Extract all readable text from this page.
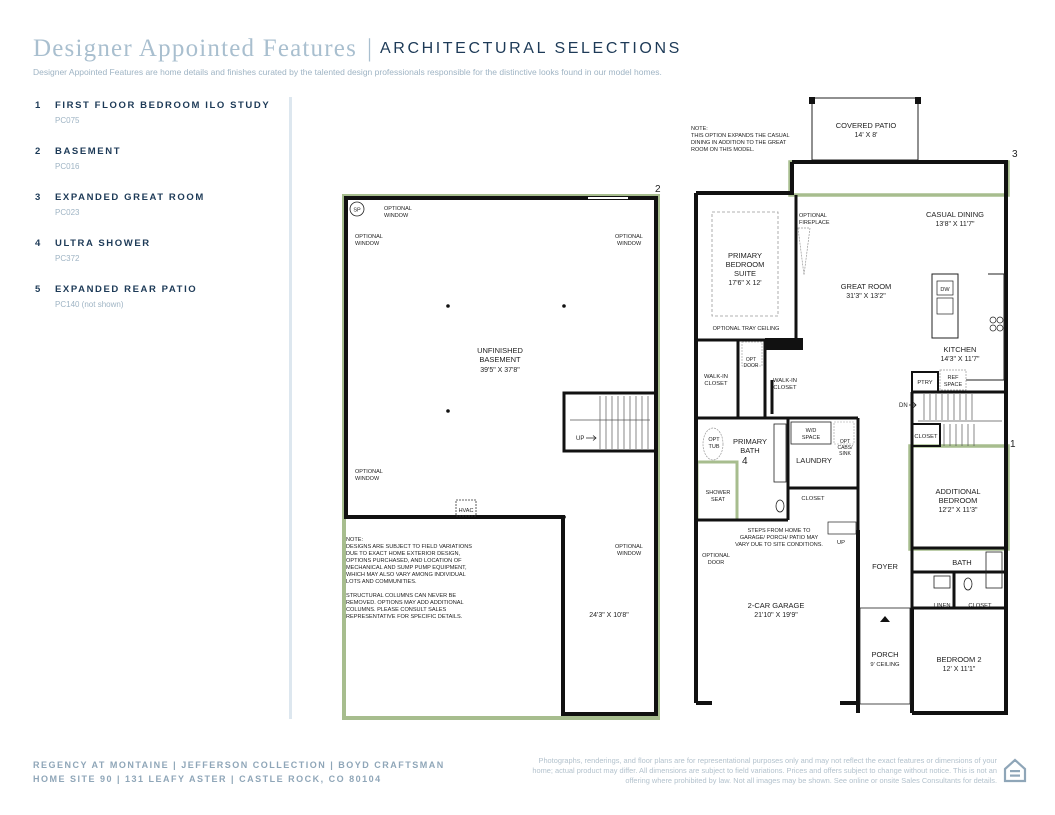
Designer Appointed Features | ARCHITECTURAL SELECTIONS
Designer Appointed Features are home details and finishes curated by the talented design professionals responsible for the distinctive looks found in our model homes.
1 FIRST FLOOR BEDROOM ILO STUDY
PC075
2 BASEMENT
PC016
3 EXPANDED GREAT ROOM
PC023
4 ULTRA SHOWER
PC372
5 EXPANDED REAR PATIO
PC140 (not shown)
SP
HVAC
UNFINISHED
BASEMENT
39'5" X 37'8"
OPTIONAL
WINDOW
OPTIONAL
WINDOW
OPTIONAL
WINDOW
OPTIONAL
WINDOW
OPTIONAL
WINDOW
UP
24'3" X 10'8"
NOTE:
DESIGNS ARE SUBJECT TO FIELD VARIATIONS
DUE TO EXACT HOME EXTERIOR DESIGN,
OPTIONS PURCHASED, AND LOCATION OF
MECHANICAL AND SUMP PUMP EQUIPMENT,
WHICH MAY ALSO VARY AMONG INDIVIDUAL
LOTS AND COMMUNITIES.
STRUCTURAL COLUMNS CAN NEVER BE
REMOVED. OPTIONS MAY ADD ADDITIONAL
COLUMNS. PLEASE CONSULT SALES
REPRESENTATIVE FOR SPECIFIC DETAILS.
2
COVERED PATIO
14' X 8'
NOTE:
THIS OPTION EXPANDS THE CASUAL
DINING IN ADDITION TO THE GREAT
ROOM ON THIS MODEL.	3
PRIMARY
BEDROOM
SUITE
17'6" X 12'
OPTIONAL TRAY CEILING
OPTIONAL
FIREPLACE
CASUAL DINING
13'8" X 11'7"
GREAT ROOM
31'3" X 13'2"
DW
KITCHEN
14'3" X 11'7"
REF
SPACE
PTRY
DN
CLOSET
1
ADDITIONAL
BEDROOM
12'2" X 11'3"
WALK-IN
CLOSET	WALK-IN
CLOSET
OPT
DOOR
OPT
TUB
PRIMARY
BATH
SHOWER
SEAT
4
W/D
SPACE
OPT
CABS/
SINK
LAUNDRY
CLOSET
STEPS FROM HOME TO
GARAGE/ PORCH/ PATIO MAY
VARY DUE TO SITE CONDITIONS. UP
OPTIONAL
DOOR
2-CAR GARAGE
21'10" X 19'9"
FOYER
PORCH
9' CEILING
BATH
LINEN	CLOSET
BEDROOM 2
12' X 11'1"
REGENCY AT MONTAINE | JEFFERSON COLLECTION | BOYD CRAFTSMAN
HOME SITE 90 | 131 LEAFY ASTER | CASTLE ROCK, CO 80104
Photographs, renderings, and floor plans are for representational purposes only and may not reflect the exact features or dimensions of your home; actual product may differ. All dimensions are subject to field variations. Prices and offers subject to change without notice. This is not an offering where prohibited by law. Not all images may be shown. See online or onsite Sales Consultants for details.
